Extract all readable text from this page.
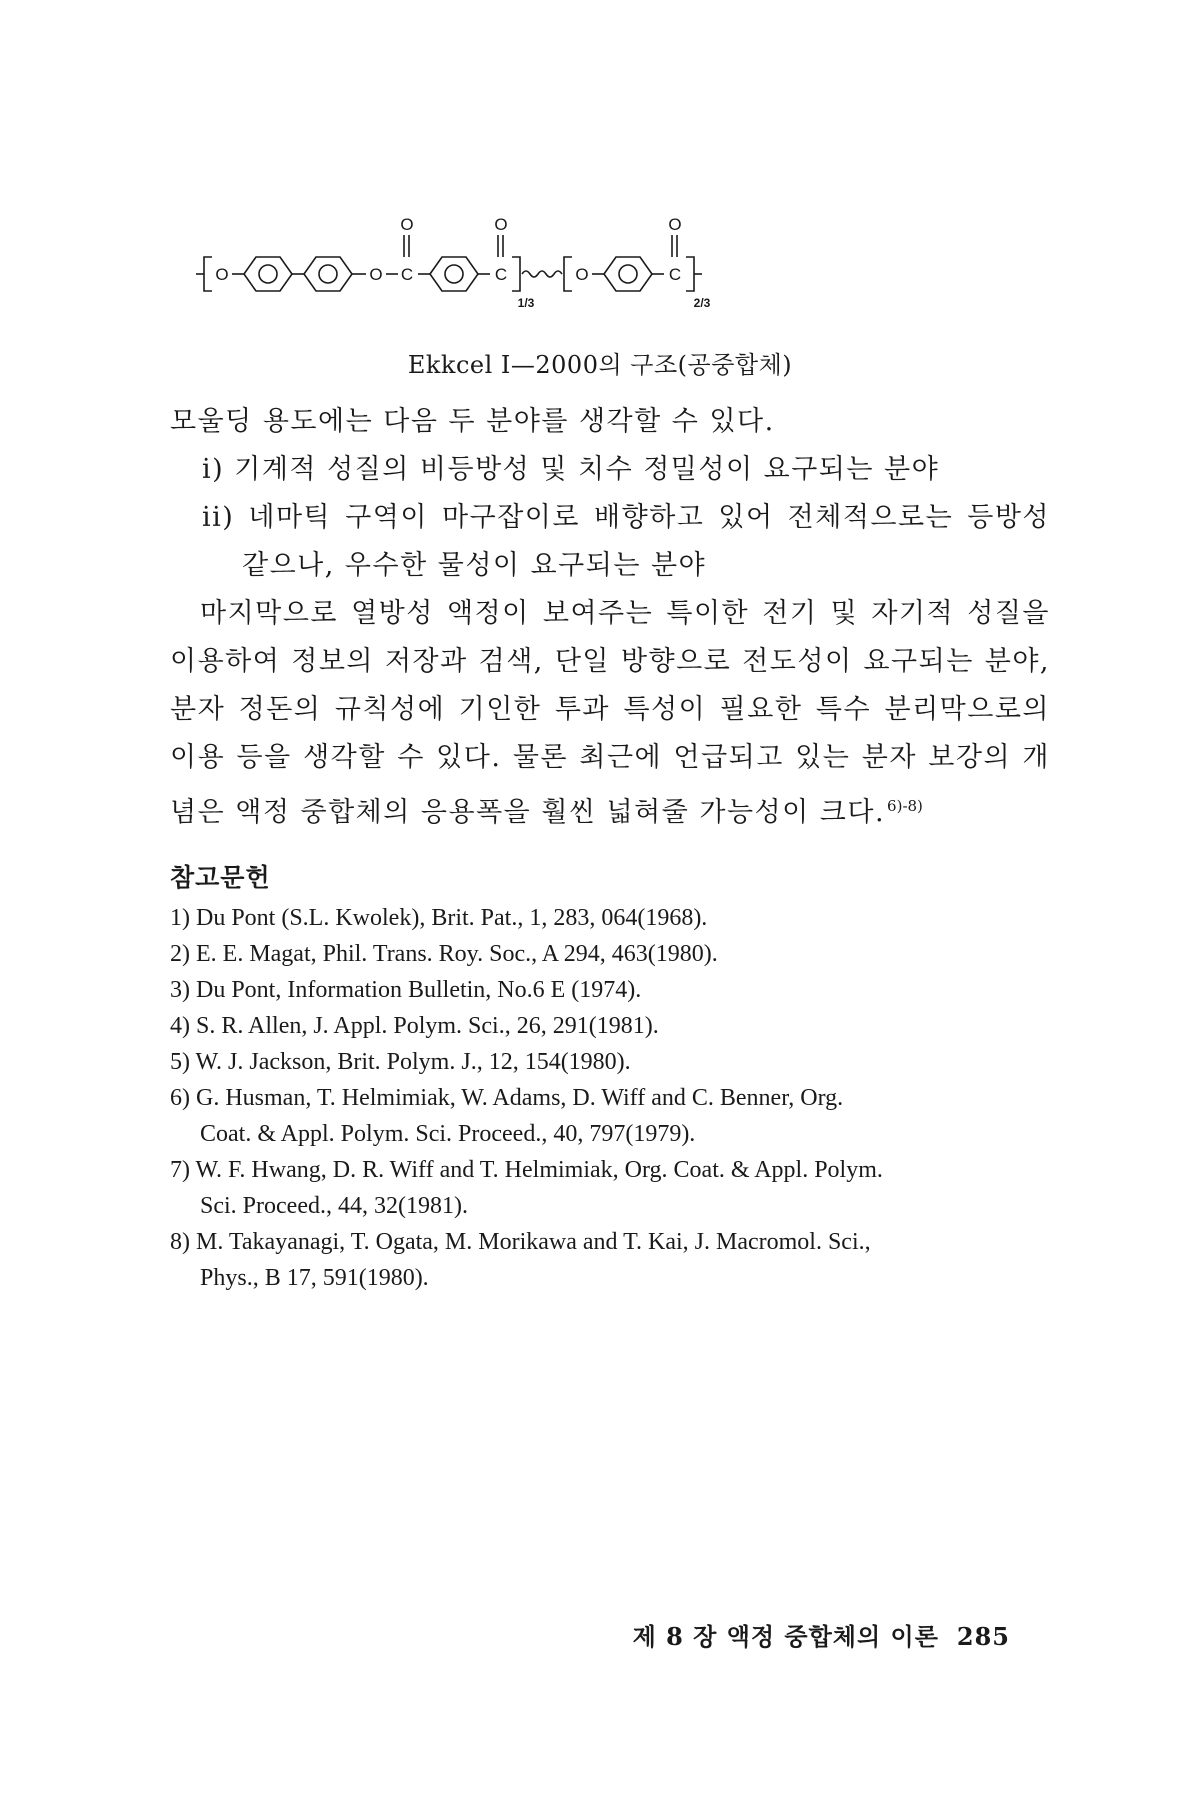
O	O	O
C	C	C
O	O	O
1/3	2/3
Ekkcel I—2000의 구조(공중합체)

모울딩 용도에는 다음 두 분야를 생각할 수 있다.

i) 기계적 성질의 비등방성 및 치수 정밀성이 요구되는 분야

ii) 네마틱 구역이 마구잡이로 배향하고 있어 전체적으로는 등방성

같으나, 우수한 물성이 요구되는 분야

마지막으로 열방성 액정이 보여주는 특이한 전기 및 자기적 성질을

이용하여 정보의 저장과 검색, 단일 방향으로 전도성이 요구되는 분야,

분자 정돈의 규칙성에 기인한 투과 특성이 필요한 특수 분리막으로의

이용 등을 생각할 수 있다. 물론 최근에 언급되고 있는 분자 보강의 개

념은 액정 중합체의 응용폭을 훨씬 넓혀줄 가능성이 크다. $^{6)-8)}$

참고문헌
1) Du Pont (S.L. Kwolek), Brit. Pat., 1, 283, 064(1968).
2) E. E. Magat, Phil. Trans. Roy. Soc., A 294, 463(1980).
3) Du Pont, Information Bulletin, No.6 E (1974).
4) S. R. Allen, J. Appl. Polym. Sci., 26, 291(1981).
5) W. J. Jackson, Brit. Polym. J., 12, 154(1980).
6) G. Husman, T. Helmimiak, W. Adams, D. Wiff and C. Benner, Org.
Coat. & Appl. Polym. Sci. Proceed., 40, 797(1979).
7) W. F. Hwang, D. R. Wiff and T. Helmimiak, Org. Coat. & Appl. Polym.
Sci. Proceed., 44, 32(1981).
8) M. Takayanagi, T. Ogata, M. Morikawa and T. Kai, J. Macromol. Sci.,
Phys., B 17, 591(1980).
제 8 장 액정 중합체의 이론 285
